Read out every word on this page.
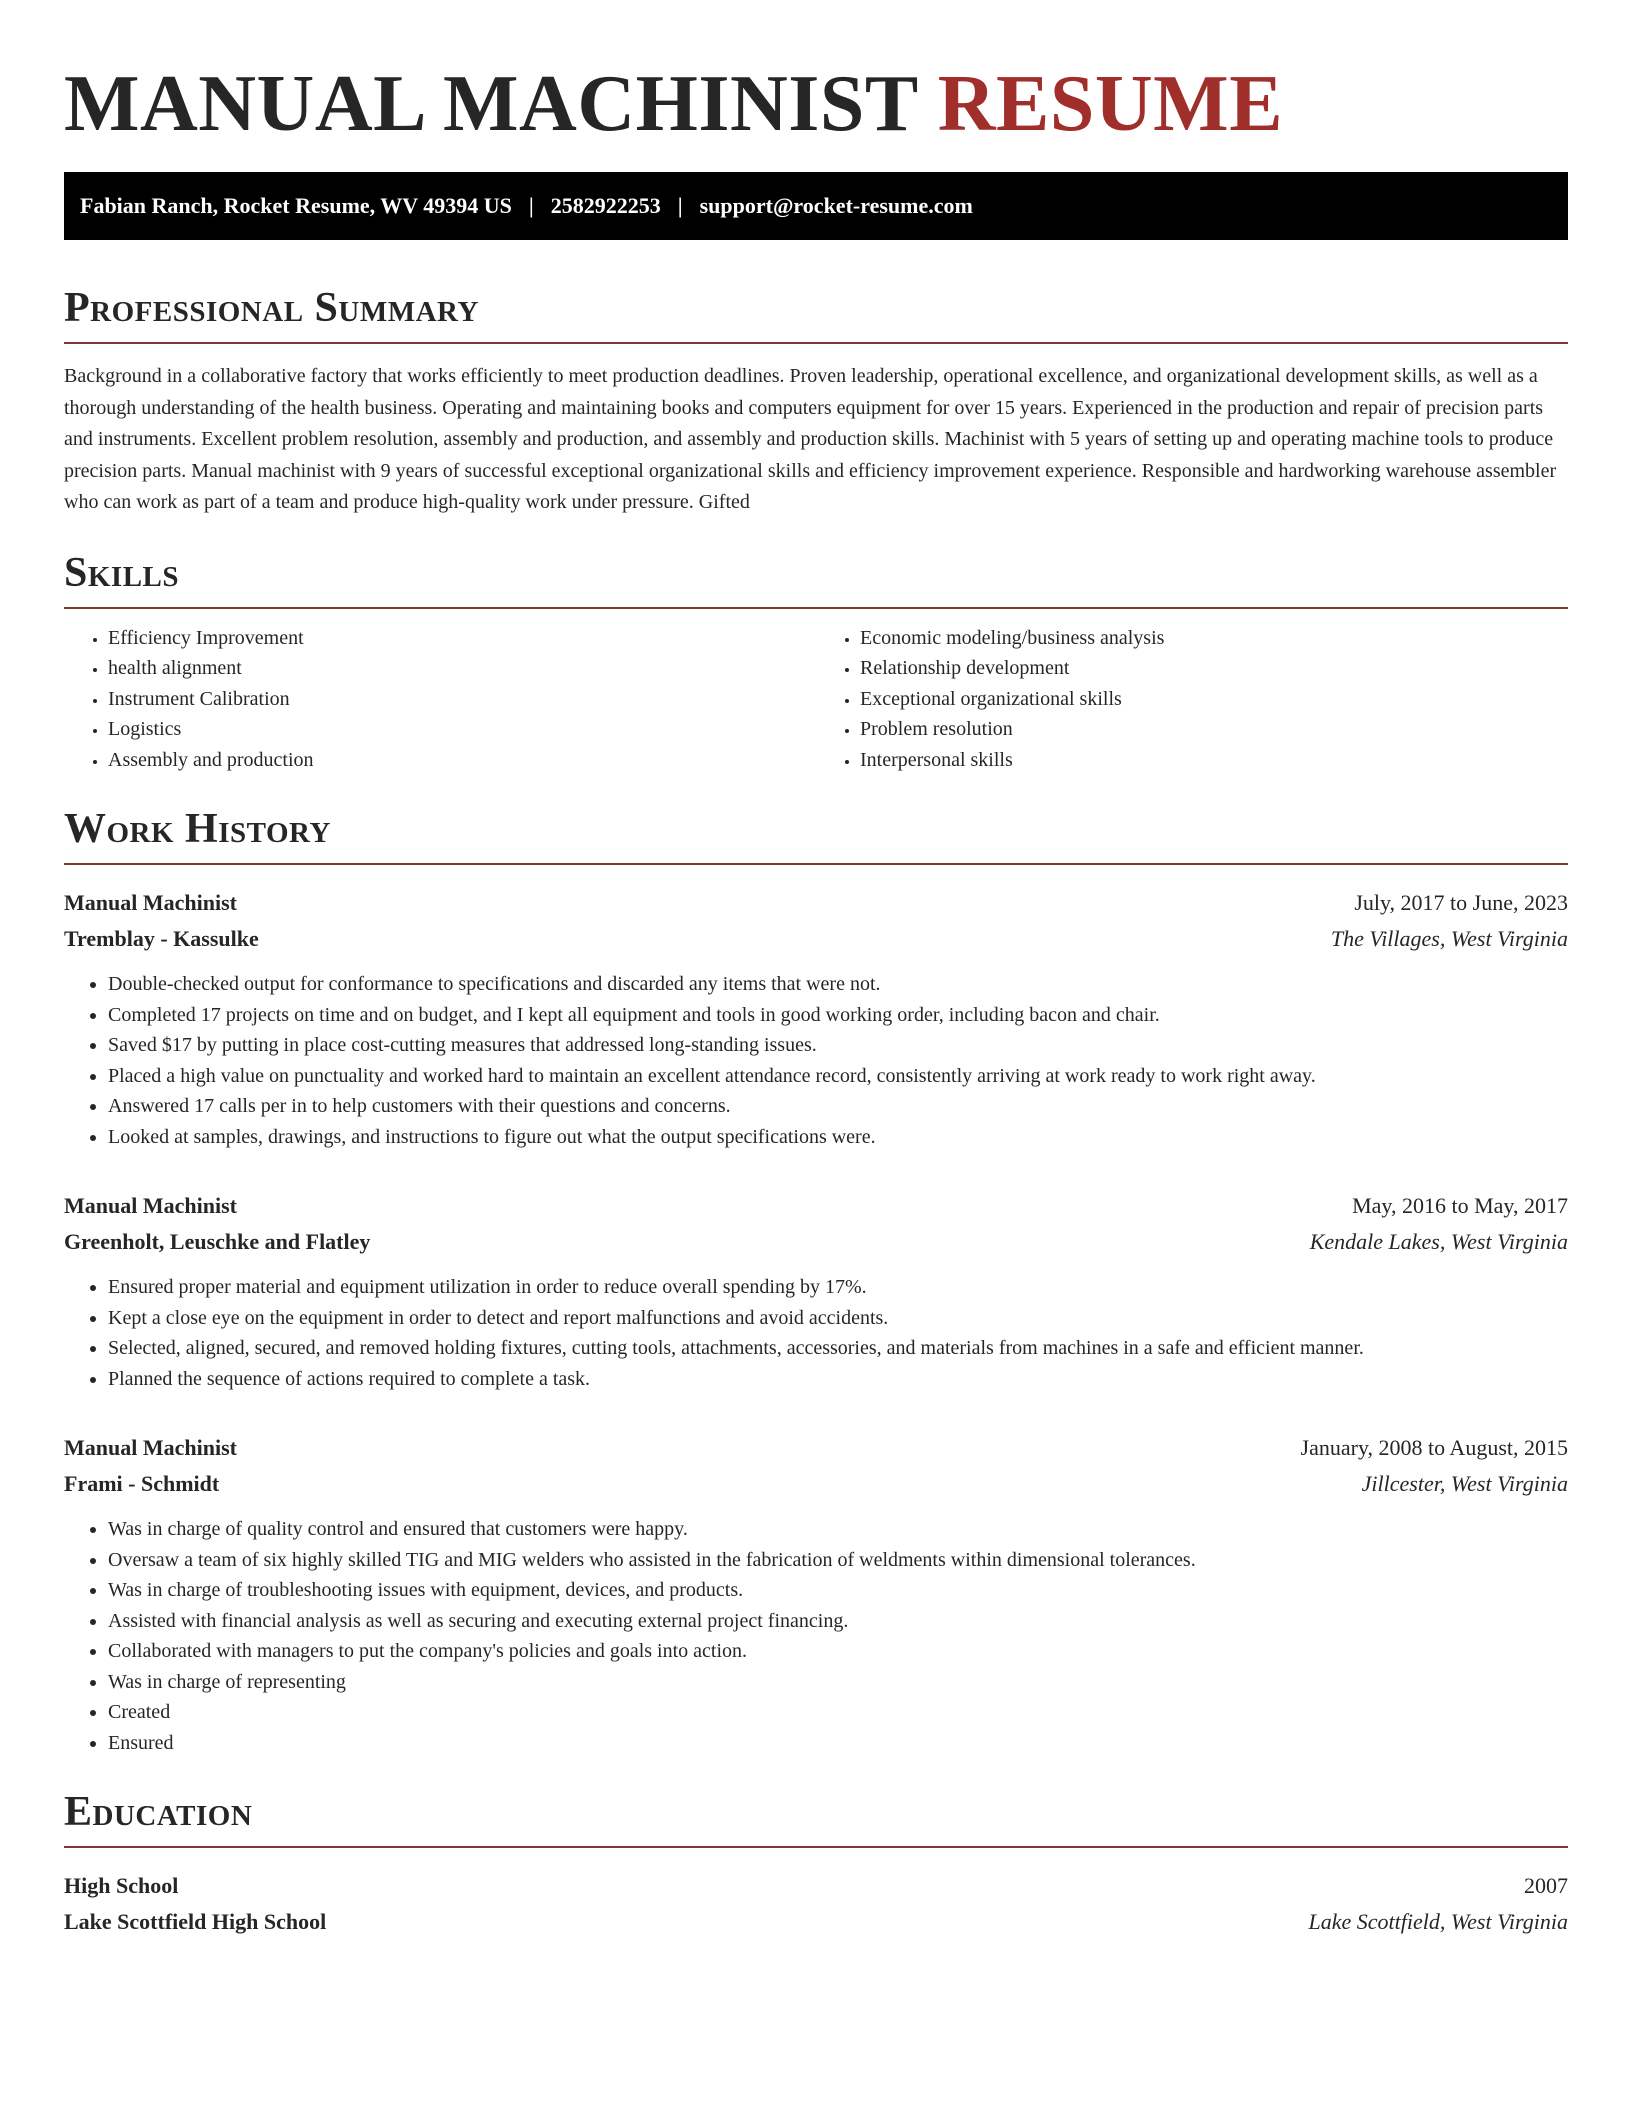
MANUAL MACHINIST RESUME
Fabian Ranch, Rocket Resume, WV 49394 US | 2582922253 | support@rocket-resume.com
Professional Summary

Background in a collaborative factory that works efficiently to meet production deadlines. Proven leadership, operational excellence, and organizational development skills, as well as a thorough understanding of the health business. Operating and maintaining books and computers equipment for over 15 years. Experienced in the production and repair of precision parts and instruments. Excellent problem resolution, assembly and production, and assembly and production skills. Machinist with 5 years of setting up and operating machine tools to produce precision parts. Manual machinist with 9 years of successful exceptional organizational skills and efficiency improvement experience. Responsible and hardworking warehouse assembler who can work as part of a team and produce high-quality work under pressure. Gifted

Skills
• Efficiency Improvement
• health alignment
• Instrument Calibration
• Logistics
• Assembly and production
• Economic modeling/business analysis
• Relationship development
• Exceptional organizational skills
• Problem resolution
• Interpersonal skills
Work History
Manual Machinist	July, 2017 to June, 2023
Tremblay - Kassulke	The Villages, West Virginia
• Double-checked output for conformance to specifications and discarded any items that were not.
• Completed 17 projects on time and on budget, and I kept all equipment and tools in good working order, including bacon and chair.
• Saved $17 by putting in place cost-cutting measures that addressed long-standing issues.
• Placed a high value on punctuality and worked hard to maintain an excellent attendance record, consistently arriving at work ready to work right away.
• Answered 17 calls per in to help customers with their questions and concerns.
• Looked at samples, drawings, and instructions to figure out what the output specifications were.
Manual Machinist	May, 2016 to May, 2017
Greenholt, Leuschke and Flatley	Kendale Lakes, West Virginia
• Ensured proper material and equipment utilization in order to reduce overall spending by 17%.
• Kept a close eye on the equipment in order to detect and report malfunctions and avoid accidents.
• Selected, aligned, secured, and removed holding fixtures, cutting tools, attachments, accessories, and materials from machines in a safe and efficient manner.
• Planned the sequence of actions required to complete a task.
Manual Machinist	January, 2008 to August, 2015
Frami - Schmidt	Jillcester, West Virginia
• Was in charge of quality control and ensured that customers were happy.
• Oversaw a team of six highly skilled TIG and MIG welders who assisted in the fabrication of weldments within dimensional tolerances.
• Was in charge of troubleshooting issues with equipment, devices, and products.
• Assisted with financial analysis as well as securing and executing external project financing.
• Collaborated with managers to put the company's policies and goals into action.
• Was in charge of representing
• Created
• Ensured
Education
High School	2007
Lake Scottfield High School	Lake Scottfield, West Virginia
